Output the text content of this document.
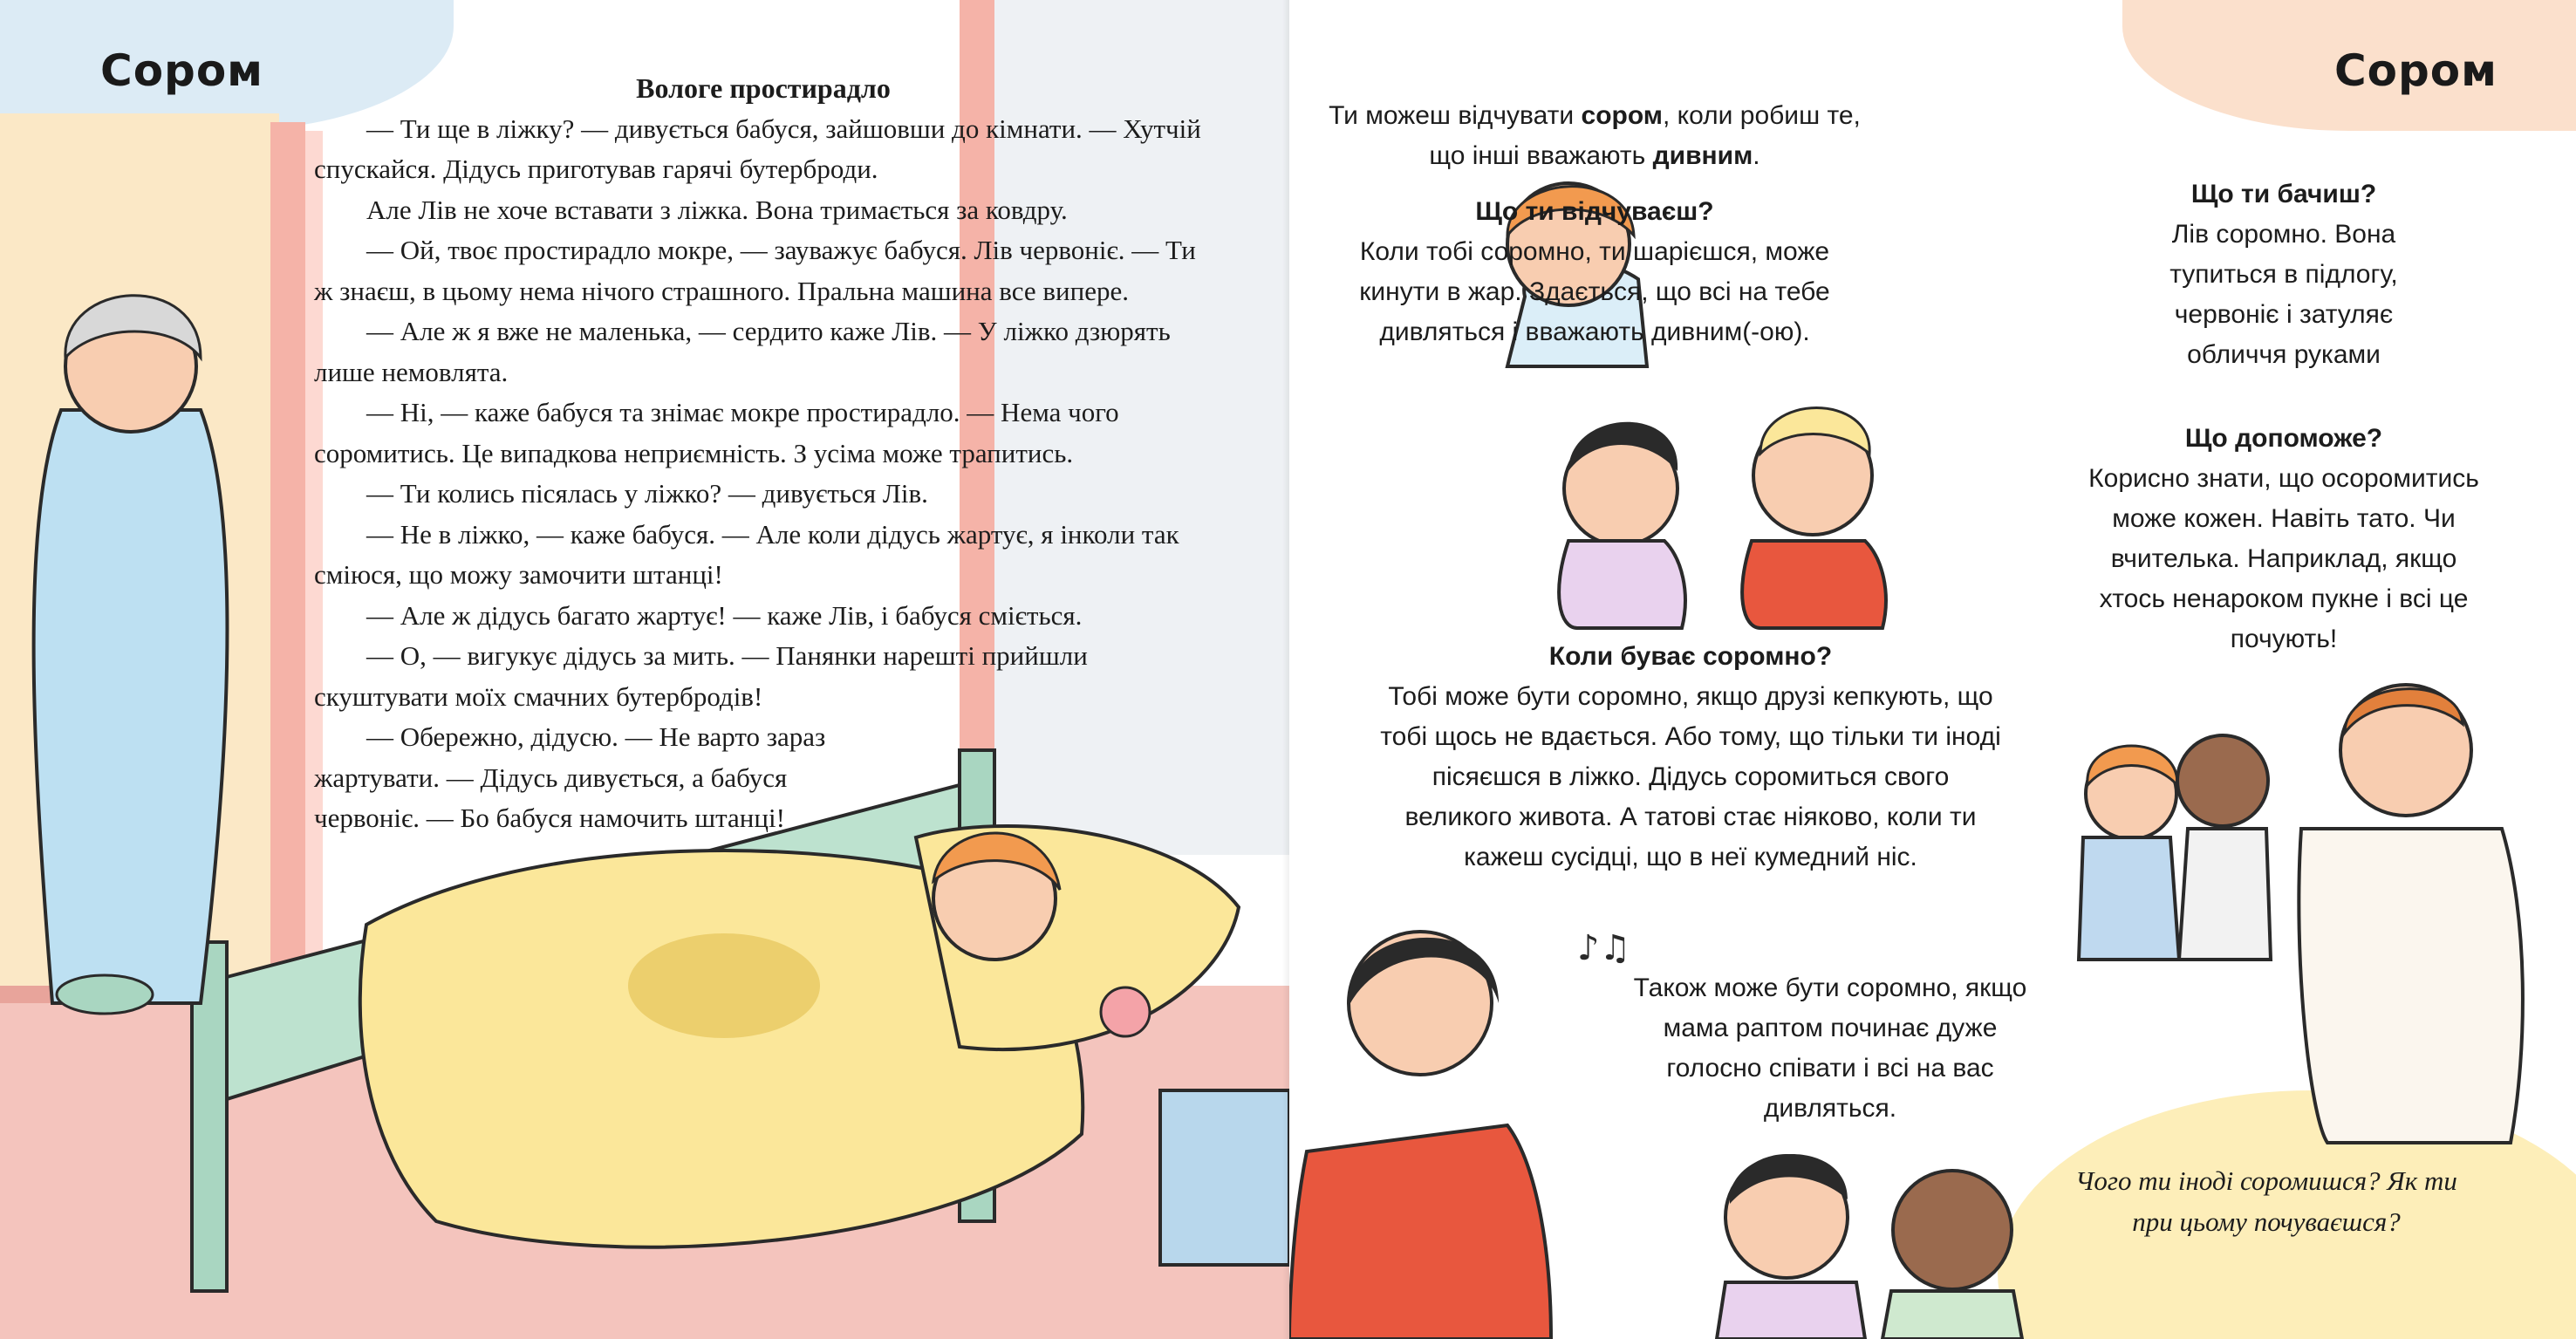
Сором	Вологе простирадло

— Ти ще в ліжку? — дивується бабуся, зайшовши до кімнати. — Хутчій спускайся. Дідусь приготував гарячі бутерброди.

Але Лів не хоче вставати з ліжка. Вона тримається за ковдру.

— Ой, твоє простирадло мокре, — зауважує бабуся. Лів червоніє. — Ти ж знаєш, в цьому нема нічого страшного. Пральна машина все випере.

— Але ж я вже не маленька, — сердито каже Лів. — У ліжко дзюрять лише немовлята.

— Ні, — каже бабуся та знімає мокре простирадло. — Нема чого соромитись. Це випадкова неприємність. З усіма може трапитись.

— Ти колись пісялась у ліжко? — дивується Лів.

— Не в ліжко, — каже бабуся. — Але коли дідусь жартує, я інколи так сміюся, що можу замочити штанці!

— Але ж дідусь багато жартує! — каже Лів, і бабуся сміється.

— О, — вигукує дідусь за мить. — Панянки нарешті прийшли скуштувати моїх смачних бутербродів!

— Обережно, дідусю. — Не варто зараз жартувати. — Дідусь дивується, а бабуся червоніє. — Бо бабуся намочить штанці!

Сором
♪♫
Ти можеш відчувати сором, коли робиш те, що інші вважають дивним.
Що ти відчуваєш?
Коли тобі соромно, ти шарієшся, може кинути в жар. Здається, що всі на тебе дивляться і вважають дивним(-ою).
Що ти бачиш?
Лів соромно. Вона тупиться в підлогу, червоніє і затуляє обличчя руками
Що допоможе?
Корисно знати, що осоромитись може кожен. Навіть тато. Чи вчителька. Наприклад, якщо хтось ненароком пукне і всі це почують!
Коли буває соромно?
Тобі може бути соромно, якщо друзі кепкують, що тобі щось не вдається. Або тому, що тільки ти іноді пісяєшся в ліжко. Дідусь соромиться свого великого живота. А татові стає ніяково, коли ти кажеш сусідці, що в неї кумедний ніс.
Також може бути соромно, якщо мама раптом починає дуже голосно співати і всі на вас дивляться.
Чого ти іноді соромишся? Як ти при цьому почуваєшся?
